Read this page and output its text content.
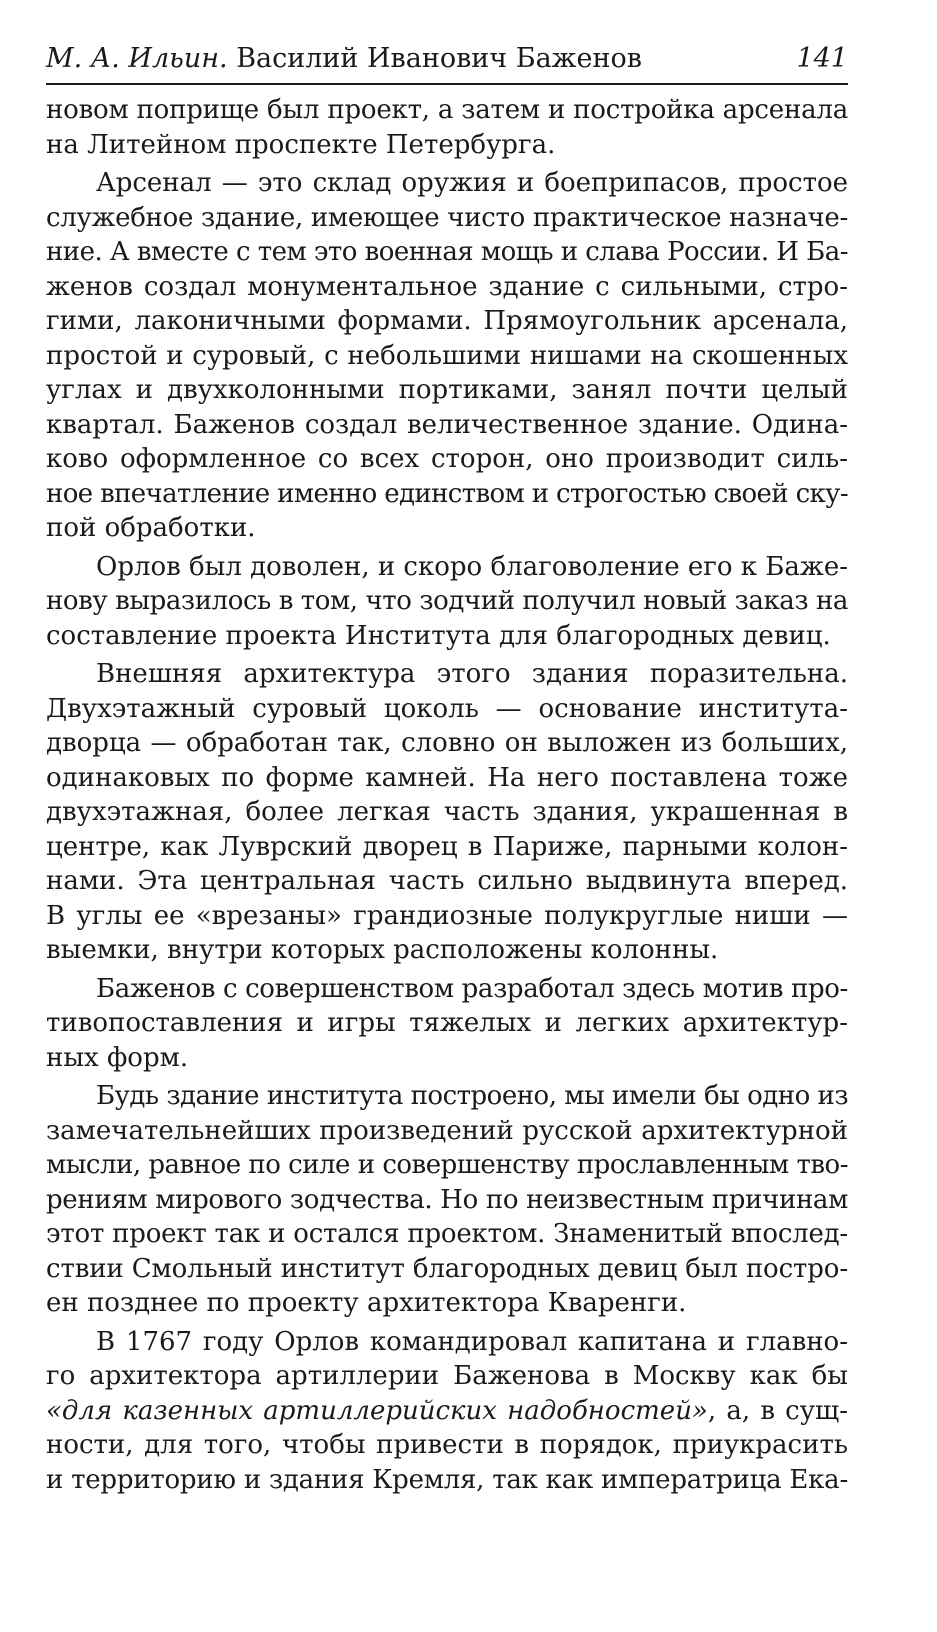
М. А. Ильин. Василий Иванович Баженов	141
новом поприще был проект, а затем и постройка арсенала
на Литейном проспекте Петербурга.
Арсенал — это склад оружия и боеприпасов, простое
служебное здание, имеющее чисто практическое назначе-
ние. А вместе с тем это военная мощь и слава России. И Ба-
женов создал монументальное здание с сильными, стро-
гими, лаконичными формами. Прямоугольник арсенала,
простой и суровый, с небольшими нишами на скошенных
углах и двухколонными портиками, занял почти целый
квартал. Баженов создал величественное здание. Одина-
ково оформленное со всех сторон, оно производит силь-
ное впечатление именно единством и строгостью своей ску-
пой обработки.
Орлов был доволен, и скоро благоволение его к Баже-
нову выразилось в том, что зодчий получил новый заказ на
составление проекта Института для благородных девиц.
Внешняя архитектура этого здания поразительна.
Двухэтажный суровый цоколь — основание института-
дворца — обработан так, словно он выложен из больших,
одинаковых по форме камней. На него поставлена тоже
двухэтажная, более легкая часть здания, украшенная в
центре, как Луврский дворец в Париже, парными колон-
нами. Эта центральная часть сильно выдвинута вперед.
В углы ее «врезаны» грандиозные полукруглые ниши —
выемки, внутри которых расположены колонны.
Баженов с совершенством разработал здесь мотив про-
тивопоставления и игры тяжелых и легких архитектур-
ных форм.
Будь здание института построено, мы имели бы одно из
замечательнейших произведений русской архитектурной
мысли, равное по силе и совершенству прославленным тво-
рениям мирового зодчества. Но по неизвестным причинам
этот проект так и остался проектом. Знаменитый впослед-
ствии Смольный институт благородных девиц был постро-
ен позднее по проекту архитектора Кваренги.
В 1767 году Орлов командировал капитана и главно-
го архитектора артиллерии Баженова в Москву как бы
«для казенных артиллерийских надобностей», а, в сущ-
ности, для того, чтобы привести в порядок, приукрасить
и территорию и здания Кремля, так как императрица Ека-
